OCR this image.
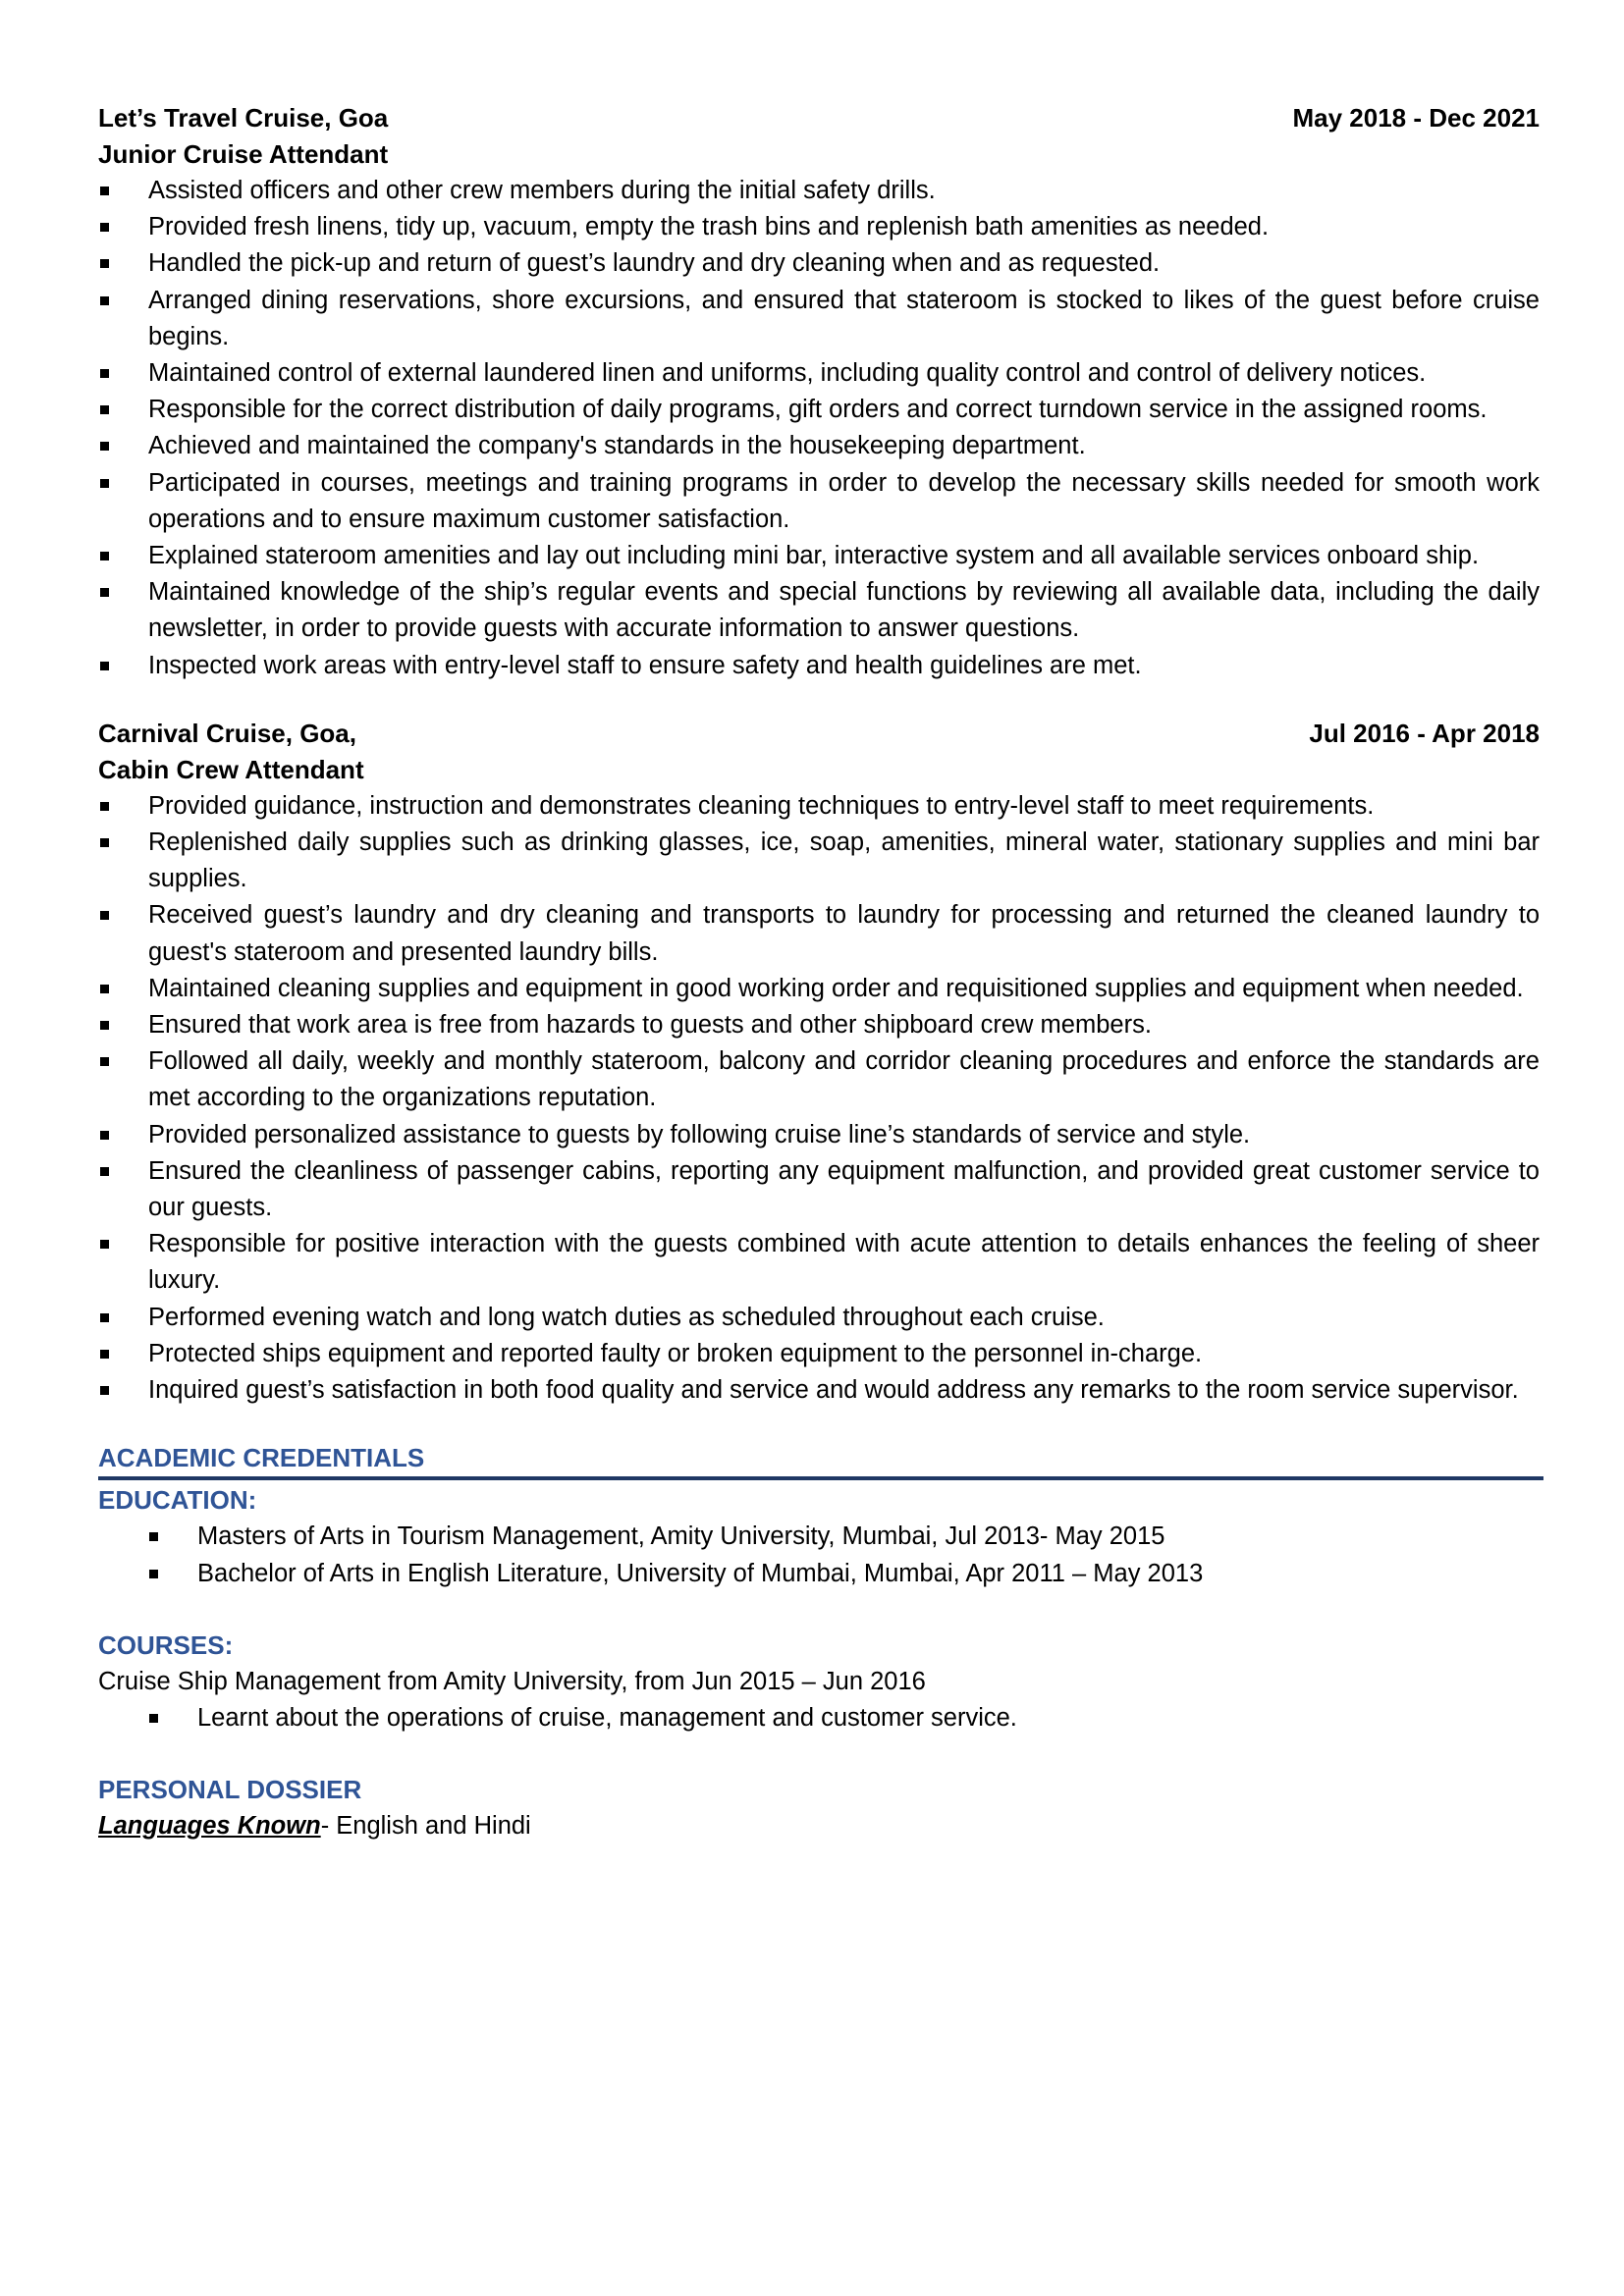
Let’s Travel Cruise, Goa	May 2018 - Dec 2021
Junior Cruise Attendant
Assisted officers and other crew members during the initial safety drills.
Provided fresh linens, tidy up, vacuum, empty the trash bins and replenish bath amenities as needed.
Handled the pick-up and return of guest’s laundry and dry cleaning when and as requested.
Arranged dining reservations, shore excursions, and ensured that stateroom is stocked to likes of the guest before cruise begins.
Maintained control of external laundered linen and uniforms, including quality control and control of delivery notices.
Responsible for the correct distribution of daily programs, gift orders and correct turndown service in the assigned rooms.
Achieved and maintained the company's standards in the housekeeping department.
Participated in courses, meetings and training programs in order to develop the necessary skills needed for smooth work operations and to ensure maximum customer satisfaction.
Explained stateroom amenities and lay out including mini bar, interactive system and all available services onboard ship.
Maintained knowledge of the ship’s regular events and special functions by reviewing all available data, including the daily newsletter, in order to provide guests with accurate information to answer questions.
Inspected work areas with entry-level staff to ensure safety and health guidelines are met.
Carnival Cruise, Goa,	Jul 2016 - Apr 2018
Cabin Crew Attendant
Provided guidance, instruction and demonstrates cleaning techniques to entry-level staff to meet requirements.
Replenished daily supplies such as drinking glasses, ice, soap, amenities, mineral water, stationary supplies and mini bar supplies.
Received guest’s laundry and dry cleaning and transports to laundry for processing and returned the cleaned laundry to guest's stateroom and presented laundry bills.
Maintained cleaning supplies and equipment in good working order and requisitioned supplies and equipment when needed.
Ensured that work area is free from hazards to guests and other shipboard crew members.
Followed all daily, weekly and monthly stateroom, balcony and corridor cleaning procedures and enforce the standards are met according to the organizations reputation.
Provided personalized assistance to guests by following cruise line’s standards of service and style.
Ensured the cleanliness of passenger cabins, reporting any equipment malfunction, and provided great customer service to our guests.
Responsible for positive interaction with the guests combined with acute attention to details enhances the feeling of sheer luxury.
Performed evening watch and long watch duties as scheduled throughout each cruise.
Protected ships equipment and reported faulty or broken equipment to the personnel in-charge.
Inquired guest’s satisfaction in both food quality and service and would address any remarks to the room service supervisor.
ACADEMIC CREDENTIALS
EDUCATION:
Masters of Arts in Tourism Management, Amity University, Mumbai, Jul 2013- May 2015
Bachelor of Arts in English Literature, University of Mumbai, Mumbai, Apr 2011 – May 2013
COURSES:
Cruise Ship Management from Amity University, from Jun 2015 – Jun 2016
Learnt about the operations of cruise, management and customer service.
PERSONAL DOSSIER
Languages Known- English and Hindi
